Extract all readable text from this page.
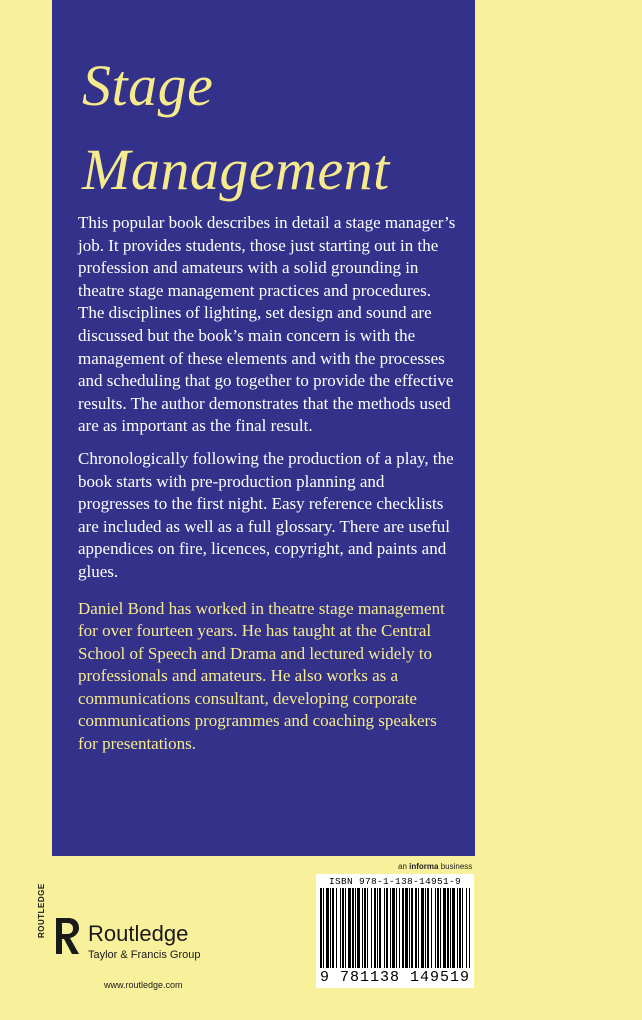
Stage
Management

This popular book describes in detail a stage manager’s job. It provides students, those just starting out in the profession and amateurs with a solid grounding in theatre stage management practices and procedures. The disciplines of lighting, set design and sound are discussed but the book’s main concern is with the management of these elements and with the processes and scheduling that go together to provide the effective results. The author demonstrates that the methods used are as important as the final result.

Chronologically following the production of a play, the book starts with pre-production planning and progresses to the first night. Easy reference checklists are included as well as a full glossary. There are useful appendices on fire, licences, copyright, and paints and glues.

Daniel Bond has worked in theatre stage management for over fourteen years. He has taught at the Central School of Speech and Drama and lectured widely to professionals and amateurs. He also works as a communications consultant, developing corporate communications programmes and coaching speakers for presentations.

an informa business
ISBN 978-1-138-14951-9
9 781138 149519
ROUTLEDGE Routledge
Taylor & Francis Group
www.routledge.com
